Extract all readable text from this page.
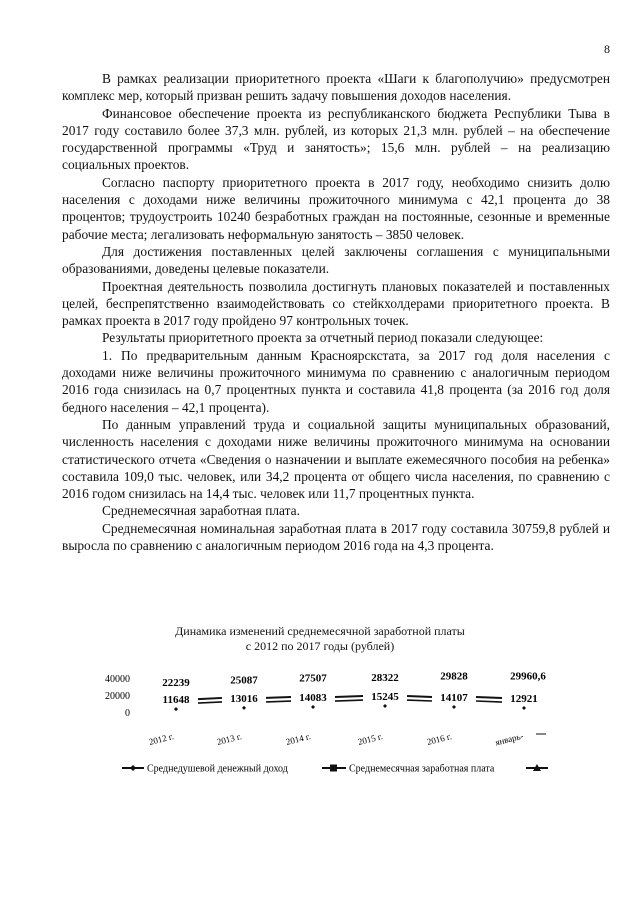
8

В рамках реализации приоритетного проекта «Шаги к благополучию» предусмотрен комплекс мер, который призван решить задачу повышения доходов населения.

Финансовое обеспечение проекта из республиканского бюджета Республики Тыва в 2017 году составило более 37,3 млн. рублей, из которых 21,3 млн. рублей – на обеспечение государственной программы «Труд и занятость»; 15,6 млн. рублей – на реализацию социальных проектов.

Согласно паспорту приоритетного проекта в 2017 году, необходимо снизить долю населения с доходами ниже величины прожиточного минимума с 42,1 процента до 38 процентов; трудоустроить 10240 безработных граждан на постоянные, сезонные и временные рабочие места; легализовать неформальную занятость – 3850 человек.

Для достижения поставленных целей заключены соглашения с муниципальными образованиями, доведены целевые показатели.

Проектная деятельность позволила достигнуть плановых показателей и поставленных целей, беспрепятственно взаимодействовать со стейкхолдерами приоритетного проекта. В рамках проекта в 2017 году пройдено 97 контрольных точек.

Результаты приоритетного проекта за отчетный период показали следующее:

1. По предварительным данным Красноярскстата, за 2017 год доля населения с доходами ниже величины прожиточного минимума по сравнению с аналогичным периодом 2016 года снизилась на 0,7 процентных пункта и составила 41,8 процента (за 2016 год доля бедного населения – 42,1 процента).

По данным управлений труда и социальной защиты муниципальных образований, численность населения с доходами ниже величины прожиточного минимума на основании статистического отчета «Сведения о назначении и выплате ежемесячного пособия на ребенка» составила 109,0 тыс. человек, или 34,2 процента от общего числа населения, по сравнению с 2016 годом снизилась на 14,4 тыс. человек или 11,7 процентных пункта.

Среднемесячная заработная плата.

Среднемесячная номинальная заработная плата в 2017 году составила 30759,8 рублей и выросла по сравнению с аналогичным периодом 2016 года на 4,3 процента.

Динамика изменений среднемесячной заработной платы
с 2012 по 2017 годы (рублей)
40000
20000
0
11648	13016	14083	15245	14107	12921
22239	25087	27507	28322	29828	29960,6
2012 г.	2013 г.	2014 г.	2015 г.	2016 г.	январь-
Среднедушевой денежный доход	Среднемесячная заработная плата
